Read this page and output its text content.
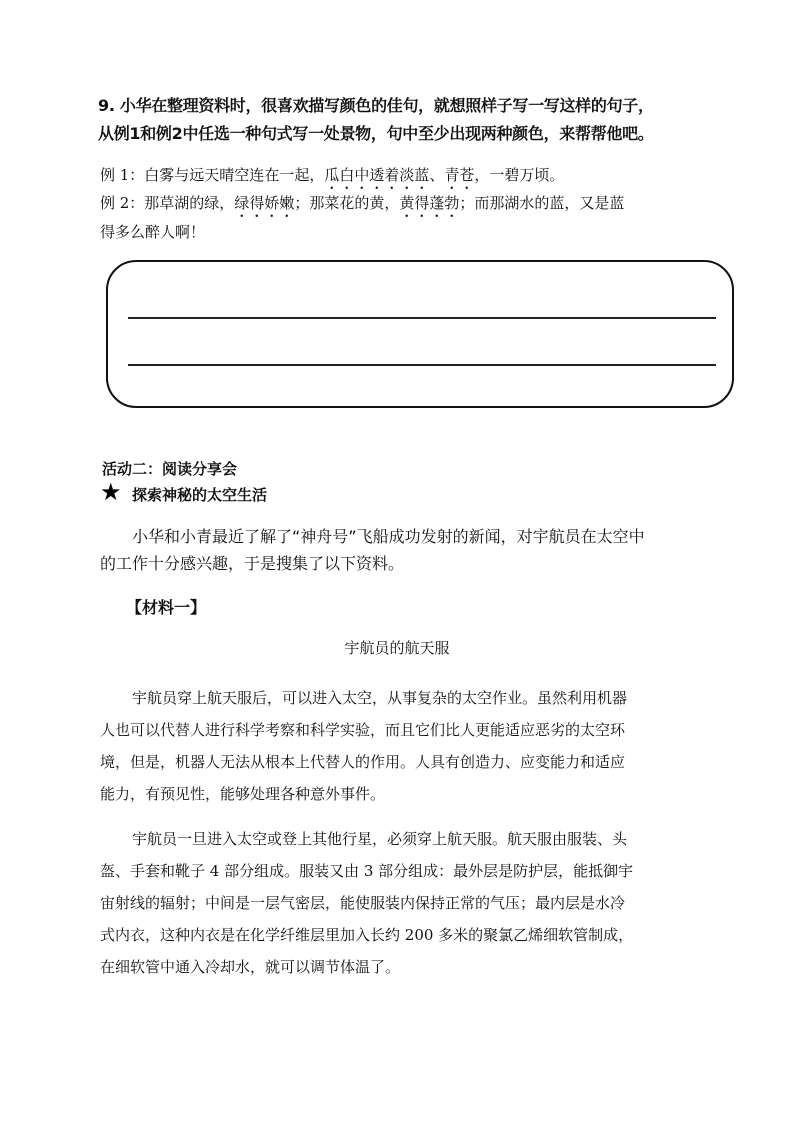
9. 小华在整理资料时，很喜欢描写颜色的佳句，就想照样子写一写这样的句子，
从例1和例2中任选一种句式写一处景物，句中至少出现两种颜色，来帮帮他吧。
例 1：白雾与远天晴空连在一起，瓜白中透着淡蓝、青苍，一碧万顷。
例 2：那草湖的绿，绿得娇嫩；那菜花的黄，黄得蓬勃；而那湖水的蓝，又是蓝
得多么醉人啊！
活动二：阅读分享会
★ 探索神秘的太空生活
小华和小青最近了解了“神舟号”飞船成功发射的新闻，对宇航员在太空中
的工作十分感兴趣，于是搜集了以下资料。
【材料一】
宇航员的航天服
宇航员穿上航天服后，可以进入太空，从事复杂的太空作业。虽然利用机器
人也可以代替人进行科学考察和科学实验，而且它们比人更能适应恶劣的太空环
境，但是，机器人无法从根本上代替人的作用。人具有创造力、应变能力和适应
能力，有预见性，能够处理各种意外事件。
宇航员一旦进入太空或登上其他行星，必须穿上航天服。航天服由服装、头
盔、手套和靴子 4 部分组成。服装又由 3 部分组成：最外层是防护层，能抵御宇
宙射线的辐射；中间是一层气密层，能使服装内保持正常的气压；最内层是水冷
式内衣，这种内衣是在化学纤维层里加入长约 200 多米的聚氯乙烯细软管制成，
在细软管中通入冷却水，就可以调节体温了。
